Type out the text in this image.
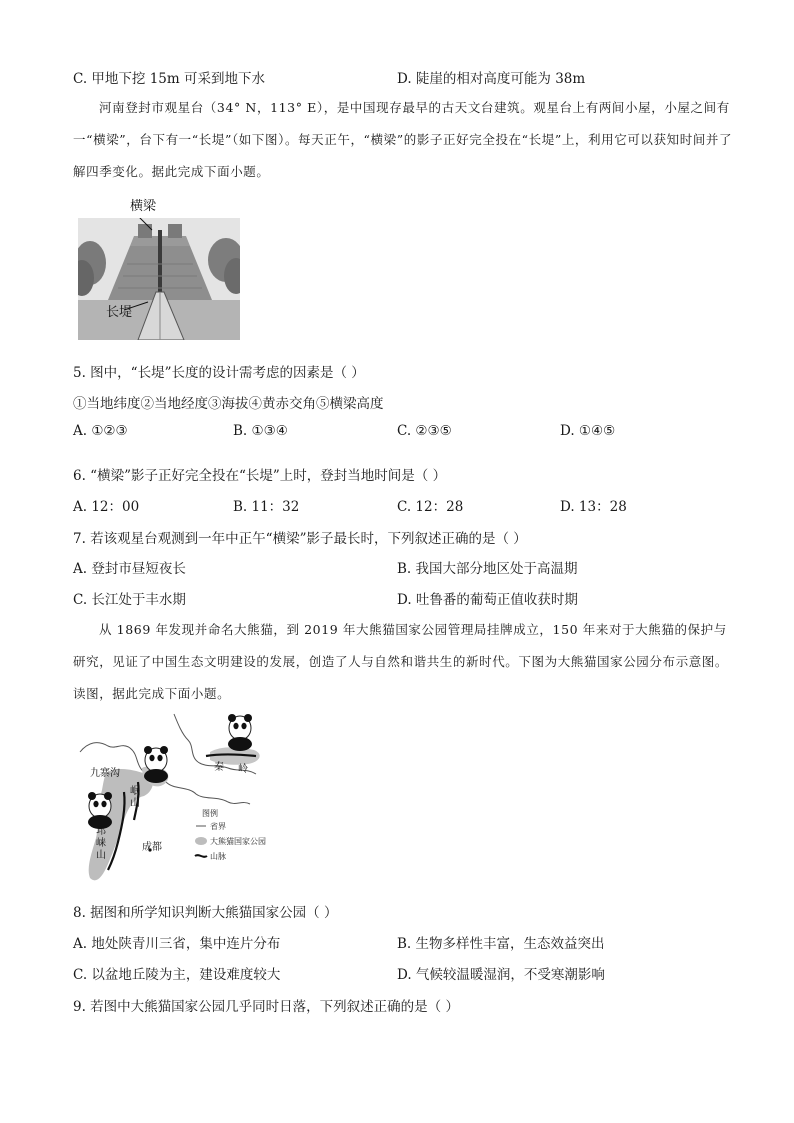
C. 甲地下挖 15m 可采到地下水	D. 陡崖的相对高度可能为 38m
河南登封市观星台（34° N，113° E），是中国现存最早的古天文台建筑。观星台上有两间小屋，小屋之间有一“横梁”，台下有一“长堤”（如下图）。每天正午，“横梁”的影子正好完全投在“长堤”上，利用它可以获知时间并了解四季变化。据此完成下面小题。
横梁
长堤
5. 图中，“长堤”长度的设计需考虑的因素是（ ）
①当地纬度②当地经度③海拔④黄赤交角⑤横梁高度
A. ①②③	B. ①③④	C. ②③⑤	D. ①④⑤
6. “横梁”影子正好完全投在“长堤”上时，登封当地时间是（ ）
A. 12：00	B. 11：32	C. 12：28	D. 13：28
7. 若该观星台观测到一年中正午“横梁”影子最长时，下列叙述正确的是（ ）
A. 登封市昼短夜长	B. 我国大部分地区处于高温期
C. 长江处于丰水期	D. 吐鲁番的葡萄正值收获时期
从 1869 年发现并命名大熊猫，到 2019 年大熊猫国家公园管理局挂牌成立，150 年来对于大熊猫的保护与研究，见证了中国生态文明建设的发展，创造了人与自然和谐共生的新时代。下图为大熊猫国家公园分布示意图。读图，据此完成下面小题。
九寨沟
岷
山
秦 岭
邛
崃
山
成都
图例
省界
大熊猫国家公园
山脉
8. 据图和所学知识判断大熊猫国家公园（ ）
A. 地处陕青川三省，集中连片分布	B. 生物多样性丰富，生态效益突出
C. 以盆地丘陵为主，建设难度较大	D. 气候较温暖湿润，不受寒潮影响
9. 若图中大熊猫国家公园几乎同时日落，下列叙述正确的是（ ）
